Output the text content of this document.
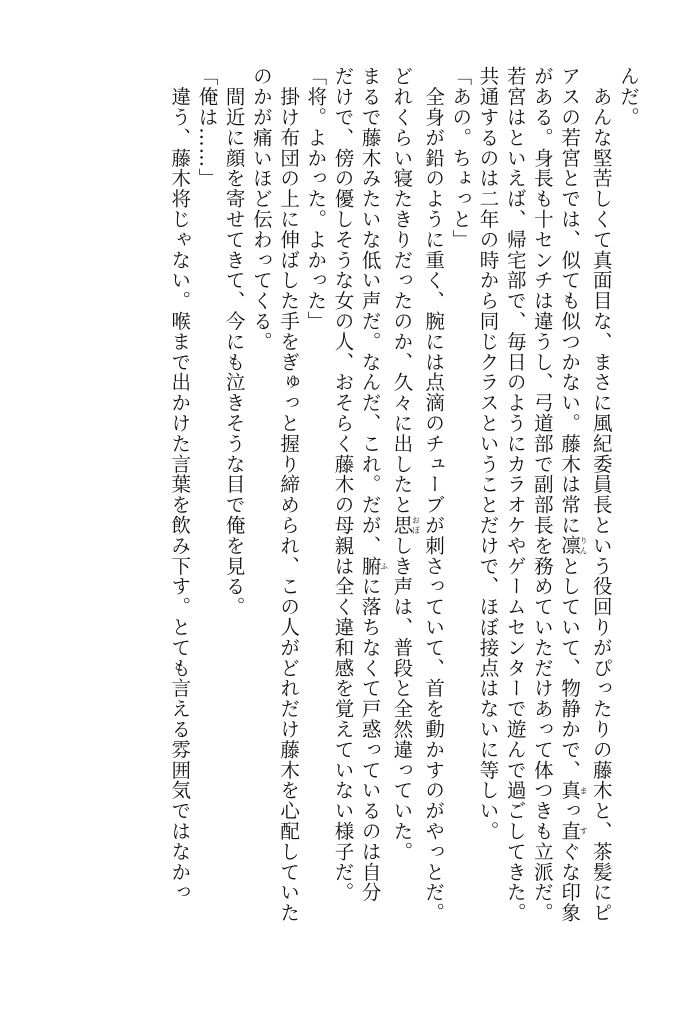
んだ。
　あんな堅苦しくて真面目な、まさに風紀委員長という役回りがぴったりの藤木と、茶髪にピ
アスの若宮とでは、似ても似つかない。藤木は常に凛りんとしていて、物静かで、真まっ直すぐな印象
がある。身長も十センチは違うし、弓道部で副部長を務めていただけあって体つきも立派だ。
若宮はといえば、帰宅部で、毎日のようにカラオケやゲームセンターで遊んで過ごしてきた。
共通するのは二年の時から同じクラスということだけで、ほぼ接点はないに等しい。
「あの。ちょっと」
　全身が鉛のように重く、腕には点滴のチューブが刺さっていて、首を動かすのがやっとだ。
どれくらい寝たきりだったのか、久々に出したと思おぼしき声は、普段と全然違っていた。
まるで藤木みたいな低い声だ。なんだ、これ。だが、腑ふに落ちなくて戸惑っているのは自分
だけで、傍の優しそうな女の人、おそらく藤木の母親は全く違和感を覚えていない様子だ。
「将。よかった。よかった」
　掛け布団の上に伸ばした手をぎゅっと握り締められ、この人がどれだけ藤木を心配していた
のかが痛いほど伝わってくる。
　間近に顔を寄せてきて、今にも泣きそうな目で俺を見る。
「俺は……」
　違う、藤木将じゃない。喉まで出かけた言葉を飲み下す。とても言える雰囲気ではなかっ
